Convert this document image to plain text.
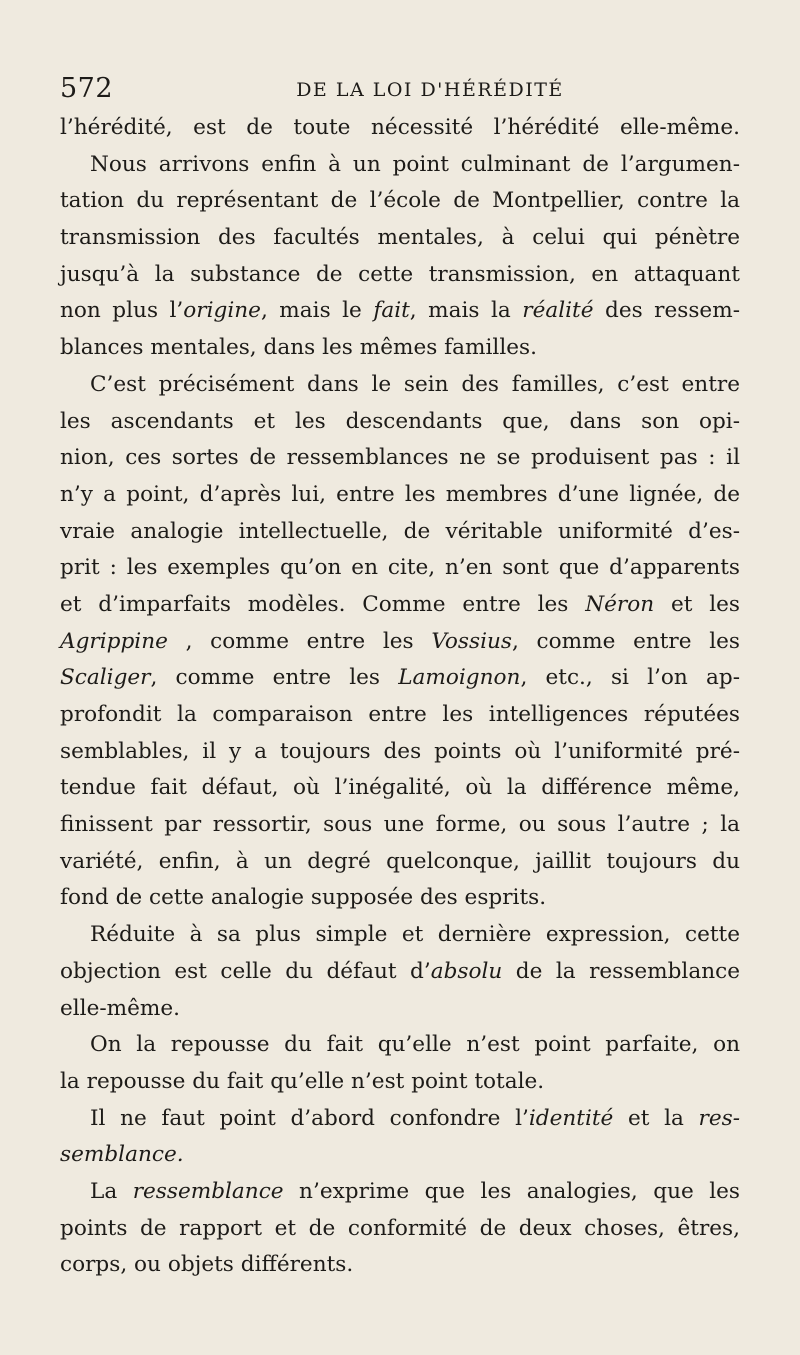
572	DE LA LOI D'HÉRÉDITÉ
l’hérédité, est de toute nécessité l’hérédité elle-même.
Nous arrivons enfin à un point culminant de l’argumen-
tation du représentant de l’école de Montpellier, contre la
transmission des facultés mentales, à celui qui pénètre
jusqu’à la substance de cette transmission, en attaquant
non plus l’origine, mais le fait, mais la réalité des ressem-
blances mentales, dans les mêmes familles.
C’est précisément dans le sein des familles, c’est entre
les ascendants et les descendants que, dans son opi-
nion, ces sortes de ressemblances ne se produisent pas : il
n’y a point, d’après lui, entre les membres d’une lignée, de
vraie analogie intellectuelle, de véritable uniformité d’es-
prit : les exemples qu’on en cite, n’en sont que d’apparents
et d’imparfaits modèles. Comme entre les Néron et les
Agrippine , comme entre les Vossius, comme entre les
Scaliger, comme entre les Lamoignon, etc., si l’on ap-
profondit la comparaison entre les intelligences réputées
semblables, il y a toujours des points où l’uniformité pré-
tendue fait défaut, où l’inégalité, où la différence même,
finissent par ressortir, sous une forme, ou sous l’autre ; la
variété, enfin, à un degré quelconque, jaillit toujours du
fond de cette analogie supposée des esprits.
Réduite à sa plus simple et dernière expression, cette
objection est celle du défaut d’absolu de la ressemblance
elle-même.
On la repousse du fait qu’elle n’est point parfaite, on
la repousse du fait qu’elle n’est point totale.
Il ne faut point d’abord confondre l’identité et la res-
semblance.
La ressemblance n’exprime que les analogies, que les
points de rapport et de conformité de deux choses, êtres,
corps, ou objets différents.
